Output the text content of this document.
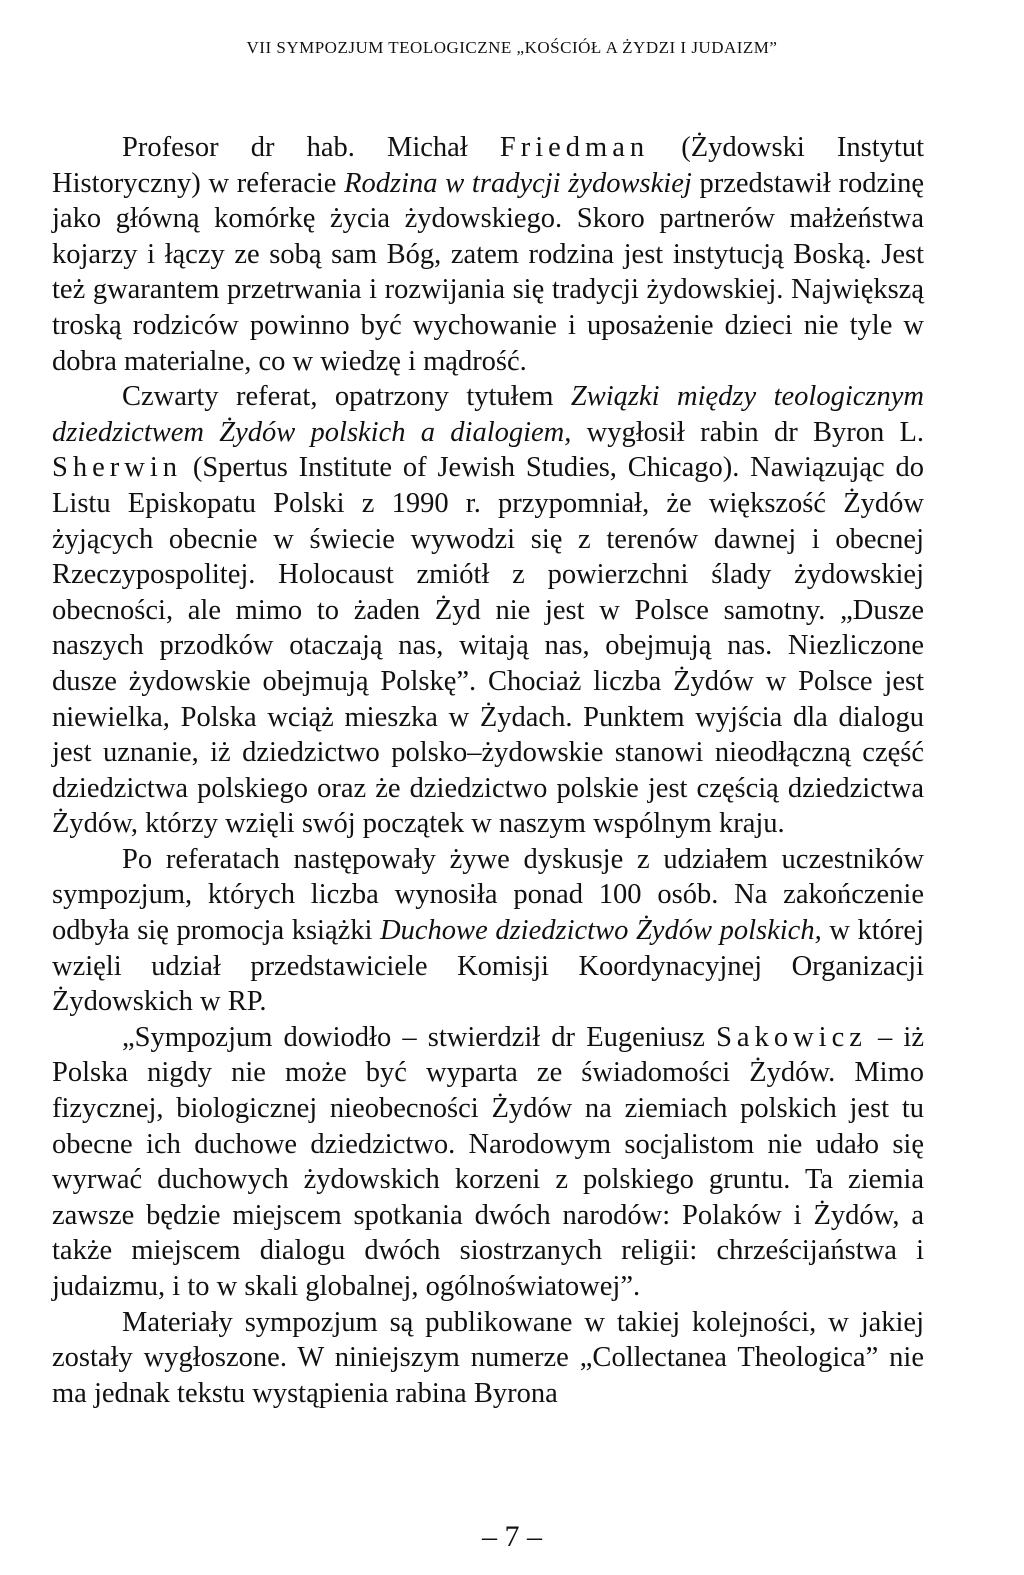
VII SYMPOZJUM TEOLOGICZNE „KOŚCIÓŁ A ŻYDZI I JUDAIZM”

Profesor dr hab. Michał Friedman (Żydowski Instytut Historyczny) w referacie Rodzina w tradycji żydowskiej przedstawił rodzinę jako główną komórkę życia żydowskiego. Skoro partnerów małżeństwa kojarzy i łączy ze sobą sam Bóg, zatem rodzina jest instytucją Boską. Jest też gwarantem przetrwania i rozwijania się tradycji żydowskiej. Największą troską rodziców powinno być wychowanie i uposażenie dzieci nie tyle w dobra materialne, co w wiedzę i mądrość.

Czwarty referat, opatrzony tytułem Związki między teologicznym dziedzictwem Żydów polskich a dialogiem, wygłosił rabin dr Byron L. Sherwin (Spertus Institute of Jewish Studies, Chicago). Nawiązując do Listu Episkopatu Polski z 1990 r. przypomniał, że większość Żydów żyjących obecnie w świecie wywodzi się z terenów dawnej i obecnej Rzeczypospolitej. Holocaust zmiótł z powierzchni ślady żydowskiej obecności, ale mimo to żaden Żyd nie jest w Polsce samotny. „Dusze naszych przodków otaczają nas, witają nas, obejmują nas. Niezliczone dusze żydowskie obejmują Polskę”. Chociaż liczba Żydów w Polsce jest niewielka, Polska wciąż mieszka w Żydach. Punktem wyjścia dla dialogu jest uznanie, iż dziedzictwo polsko–żydowskie stanowi nieodłączną część dziedzictwa polskiego oraz że dziedzictwo polskie jest częścią dziedzictwa Żydów, którzy wzięli swój początek w naszym wspólnym kraju.

Po referatach następowały żywe dyskusje z udziałem uczestników sympozjum, których liczba wynosiła ponad 100 osób. Na zakończenie odbyła się promocja książki Duchowe dziedzictwo Żydów polskich, w której wzięli udział przedstawiciele Komisji Koordynacyjnej Organizacji Żydowskich w RP.

„Sympozjum dowiodło – stwierdził dr Eugeniusz Sakowicz – iż Polska nigdy nie może być wyparta ze świadomości Żydów. Mimo fizycznej, biologicznej nieobecności Żydów na ziemiach polskich jest tu obecne ich duchowe dziedzictwo. Narodowym socjalistom nie udało się wyrwać duchowych żydowskich korzeni z polskiego gruntu. Ta ziemia zawsze będzie miejscem spotkania dwóch narodów: Polaków i Żydów, a także miejscem dialogu dwóch siostrzanych religii: chrześcijaństwa i judaizmu, i to w skali globalnej, ogólnoświatowej”.

Materiały sympozjum są publikowane w takiej kolejności, w jakiej zostały wygłoszone. W niniejszym numerze „Collectanea Theologica” nie ma jednak tekstu wystąpienia rabina Byrona

– 7 –
